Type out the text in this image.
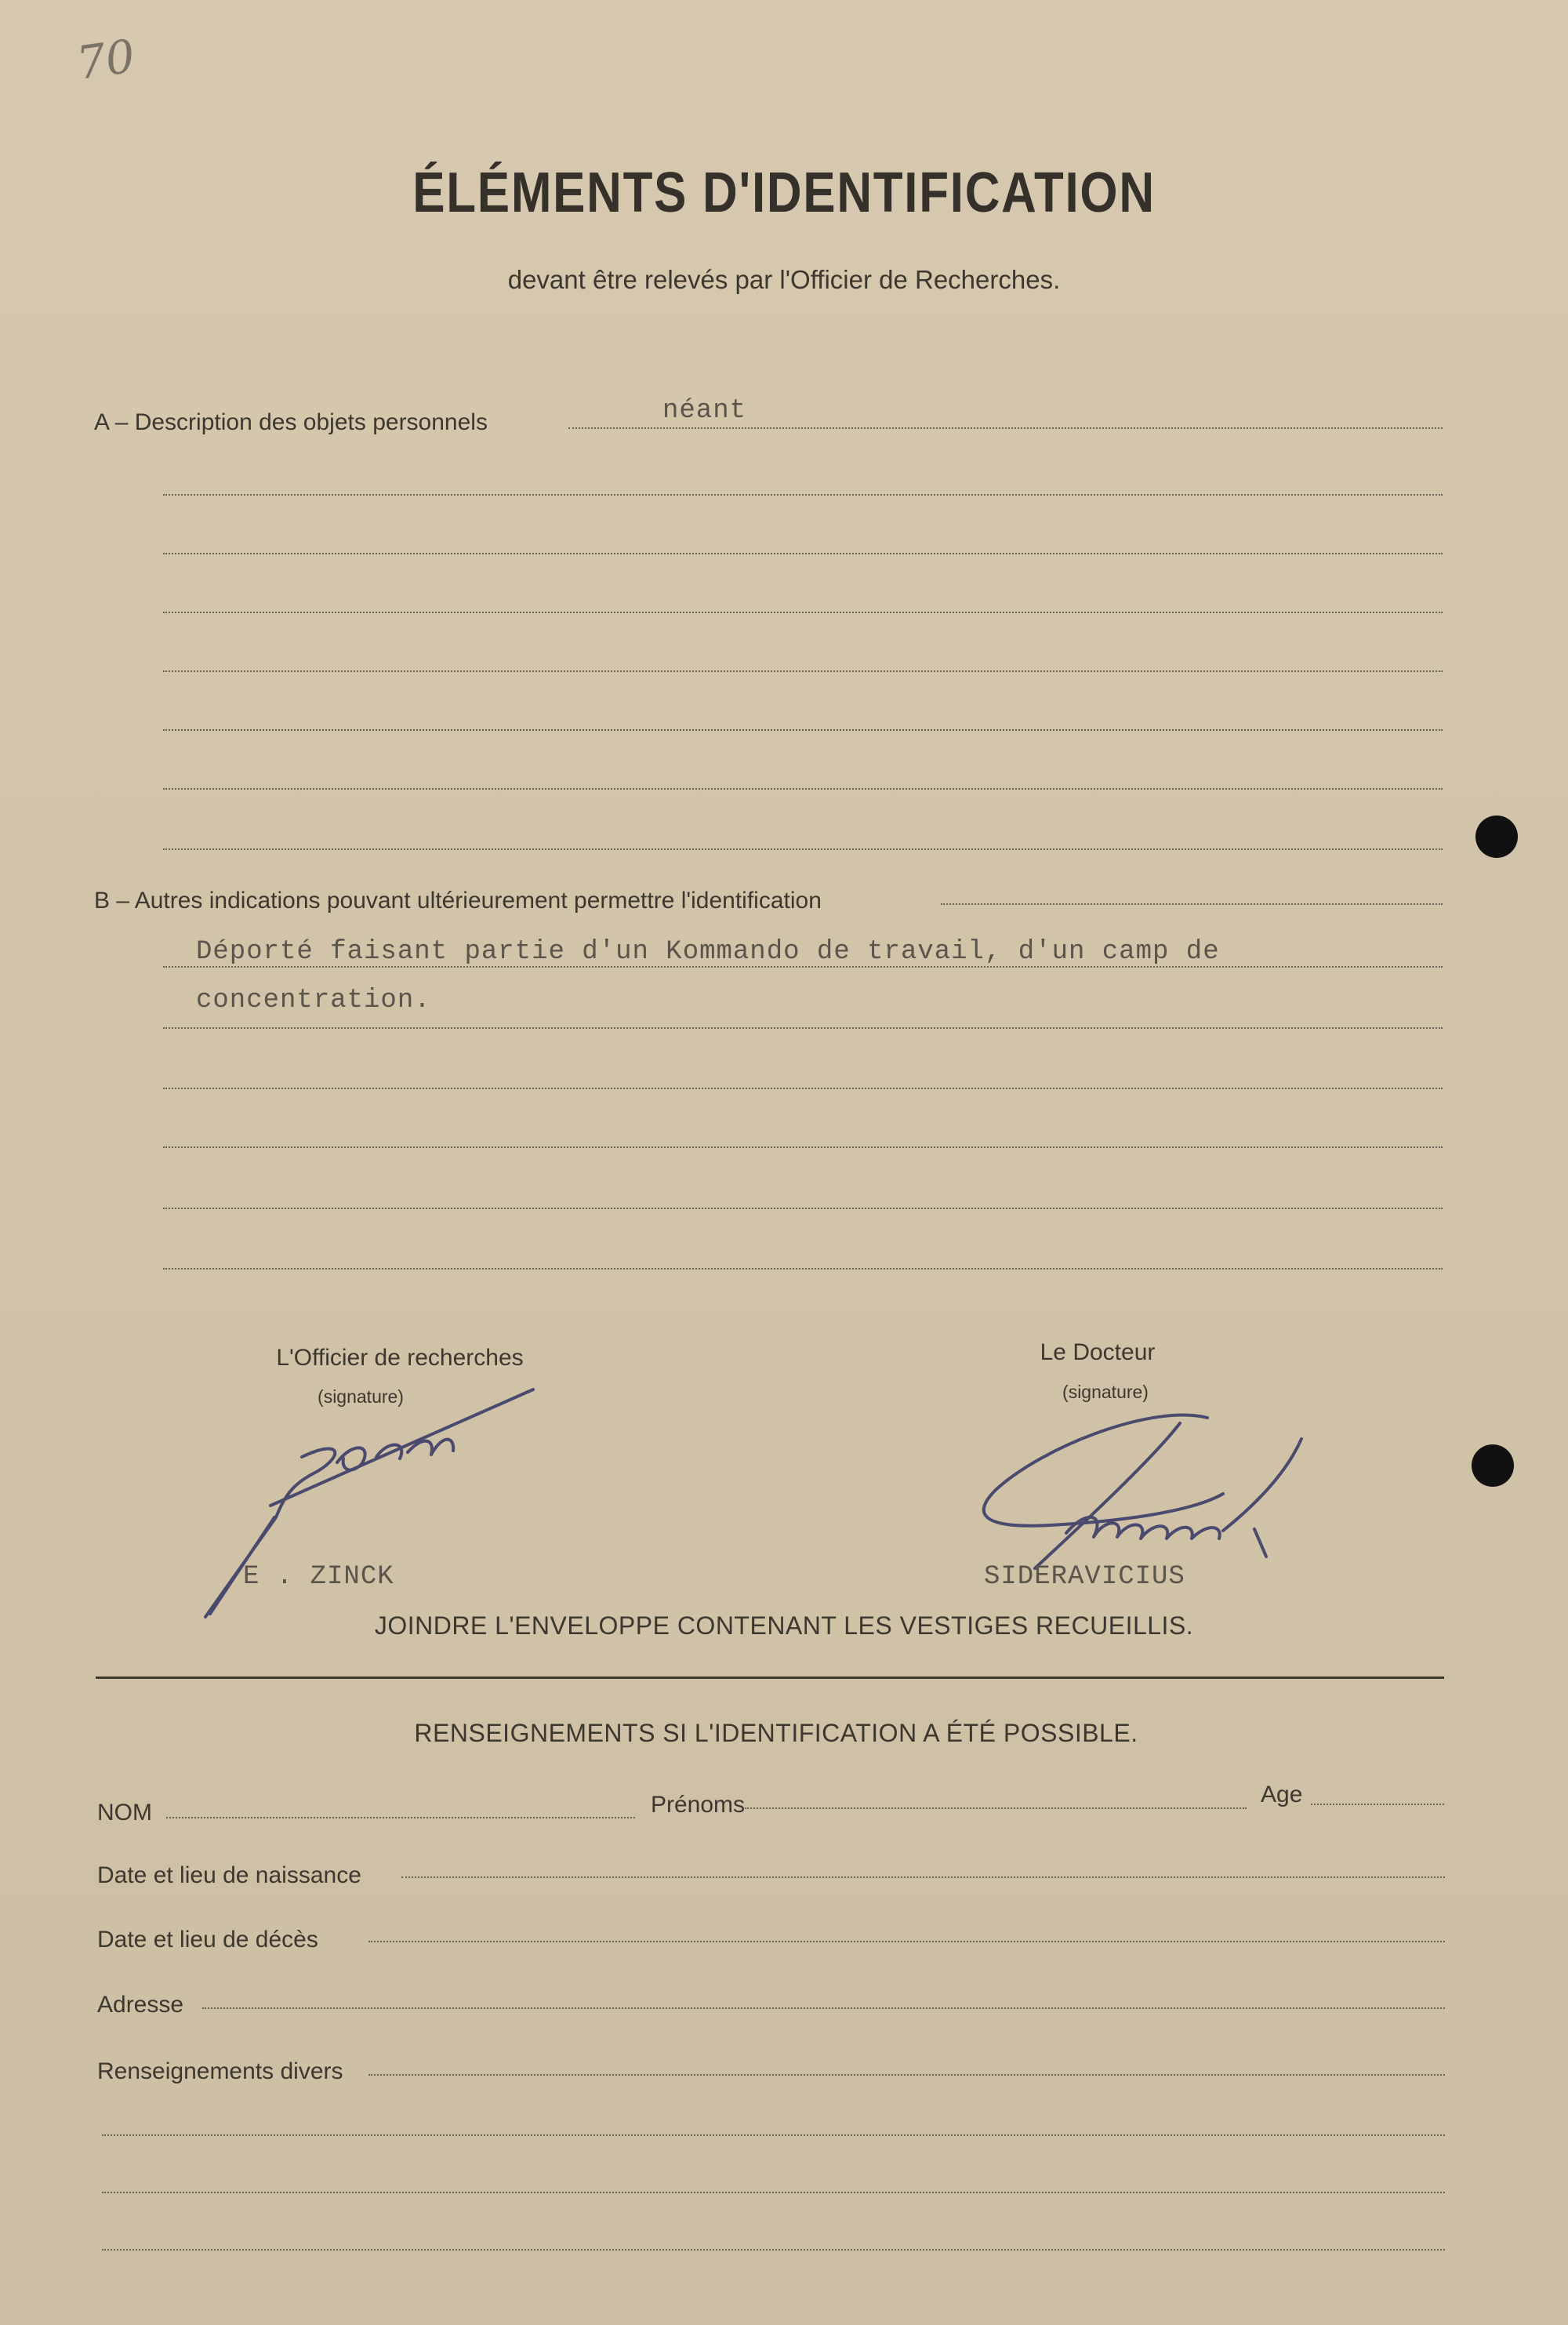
70
ÉLÉMENTS D'IDENTIFICATION
devant être relevés par l'Officier de Recherches.
A – Description des objets personnels	néant
B – Autres indications pouvant ultérieurement permettre l'identification
Déporté faisant partie d'un Kommando de travail, d'un camp de
concentration.
L'Officier de recherches
(signature)
Le Docteur
(signature)
E . ZINCK	SIDERAVICIUS
JOINDRE L'ENVELOPPE CONTENANT LES VESTIGES RECUEILLIS.
RENSEIGNEMENTS SI L'IDENTIFICATION A ÉTÉ POSSIBLE.
NOM	Prénoms	Age
Date et lieu de naissance
Date et lieu de décès
Adresse
Renseignements divers
